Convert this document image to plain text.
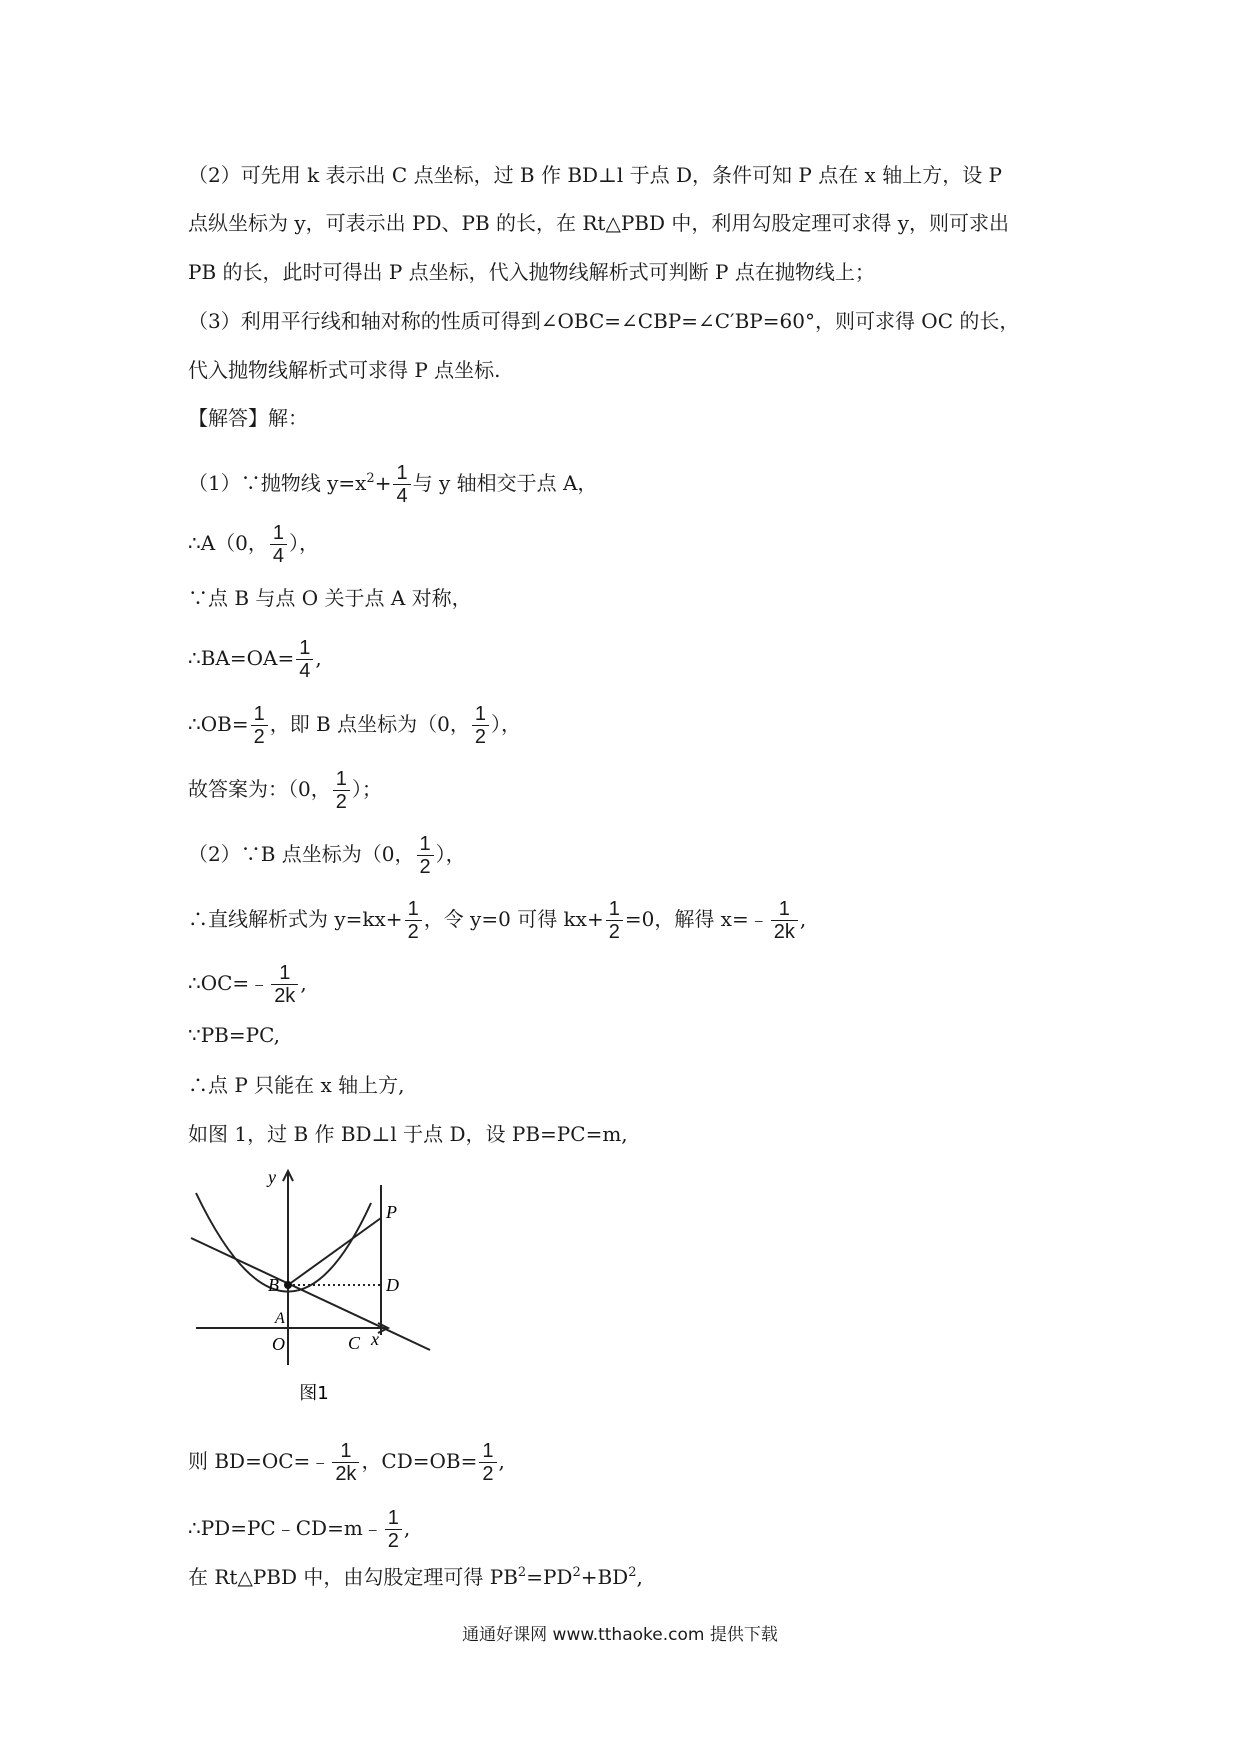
（2）可先用 k 表示出 C 点坐标，过 B 作 BD⊥l 于点 D，条件可知 P 点在 x 轴上方，设 P
点纵坐标为 y，可表示出 PD、PB 的长，在 Rt△PBD 中，利用勾股定理可求得 y，则可求出
PB 的长，此时可得出 P 点坐标，代入抛物线解析式可判断 P 点在抛物线上；
（3）利用平行线和轴对称的性质可得到∠OBC=∠CBP=∠C′BP=60°，则可求得 OC 的长，
代入抛物线解析式可求得 P 点坐标.
【解答】解：
（1）∵抛物线 $y=x^2+ \frac{1}{4}$ 与 y 轴相交于点 A，
∴A（0， $\frac{1}{4}$ ），
∵点 B 与点 O 关于点 A 对称，
∴BA=OA= $\frac{1}{4}$ ,
∴OB= $\frac{1}{2}$ ，即 B 点坐标为（0， $\frac{1}{2}$ ），
故答案为：（0， $\frac{1}{2}$ ）；
（2）∵B 点坐标为（0， $\frac{1}{2}$ ），
∴直线解析式为 $y=kx+ \frac{1}{2}$ ，令 y=0 可得 $kx+ \frac{1}{2} =0$，解得 x=﹣ $\frac{1}{2k}$ ,
∴OC=﹣ $\frac{1}{2k}$ ,
∵PB=PC,
∴点 P 只能在 x 轴上方,
如图 1，过 B 作 BD⊥l 于点 D，设 PB=PC=m,
y
x
P
B	D
A
O	C
图1
则 BD=OC=﹣ $\frac{1}{2k}$ ，$CD=OB= \frac{1}{2}$ ,
∴PD=PC﹣CD=m﹣ $\frac{1}{2}$ ,
在 Rt△PBD 中，由勾股定理可得 $PB^2=PD^2+BD^2$,
通通好课网 www.tthaoke.com 提供下载
